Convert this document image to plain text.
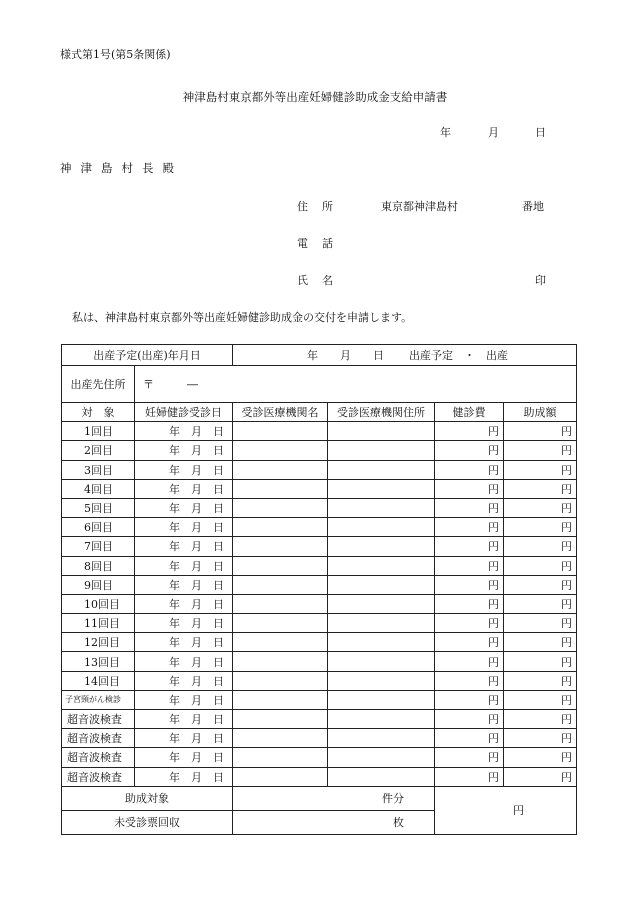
様式第1号(第5条関係)
神津島村東京都外等出産妊婦健診助成金支給申請書
年	月	日
神津島村長殿
住所	東京都神津島村	番地
電話
氏名	印
私は、神津島村東京都外等出産妊婦健診助成金の交付を申請します。
出産予定(出産)年月日		年　　月　　日 出産予定　・　出産			
出産先住所	〒　　　―				
対　象	妊婦健診受診日	受診医療機関名	受診医療機関住所	健診費	助成額
1回目	年　月　日			円	円
2回目	年　月　日			円	円
3回目	年　月　日			円	円
4回目	年　月　日			円	円
5回目	年　月　日			円	円
6回目	年　月　日			円	円
7回目	年　月　日			円	円
8回目	年　月　日			円	円
9回目	年　月　日			円	円
10回目	年　月　日			円	円
11回目	年　月　日			円	円
12回目	年　月　日			円	円
13回目	年　月　日			円	円
14回目	年　月　日			円	円
子宮頸がん検診	年　月　日			円	円
超音波検査	年　月　日			円	円
超音波検査	年　月　日			円	円
超音波検査	年　月　日			円	円
超音波検査	年　月　日			円	円
助成対象		件分		円	
未受診票回収		枚			
